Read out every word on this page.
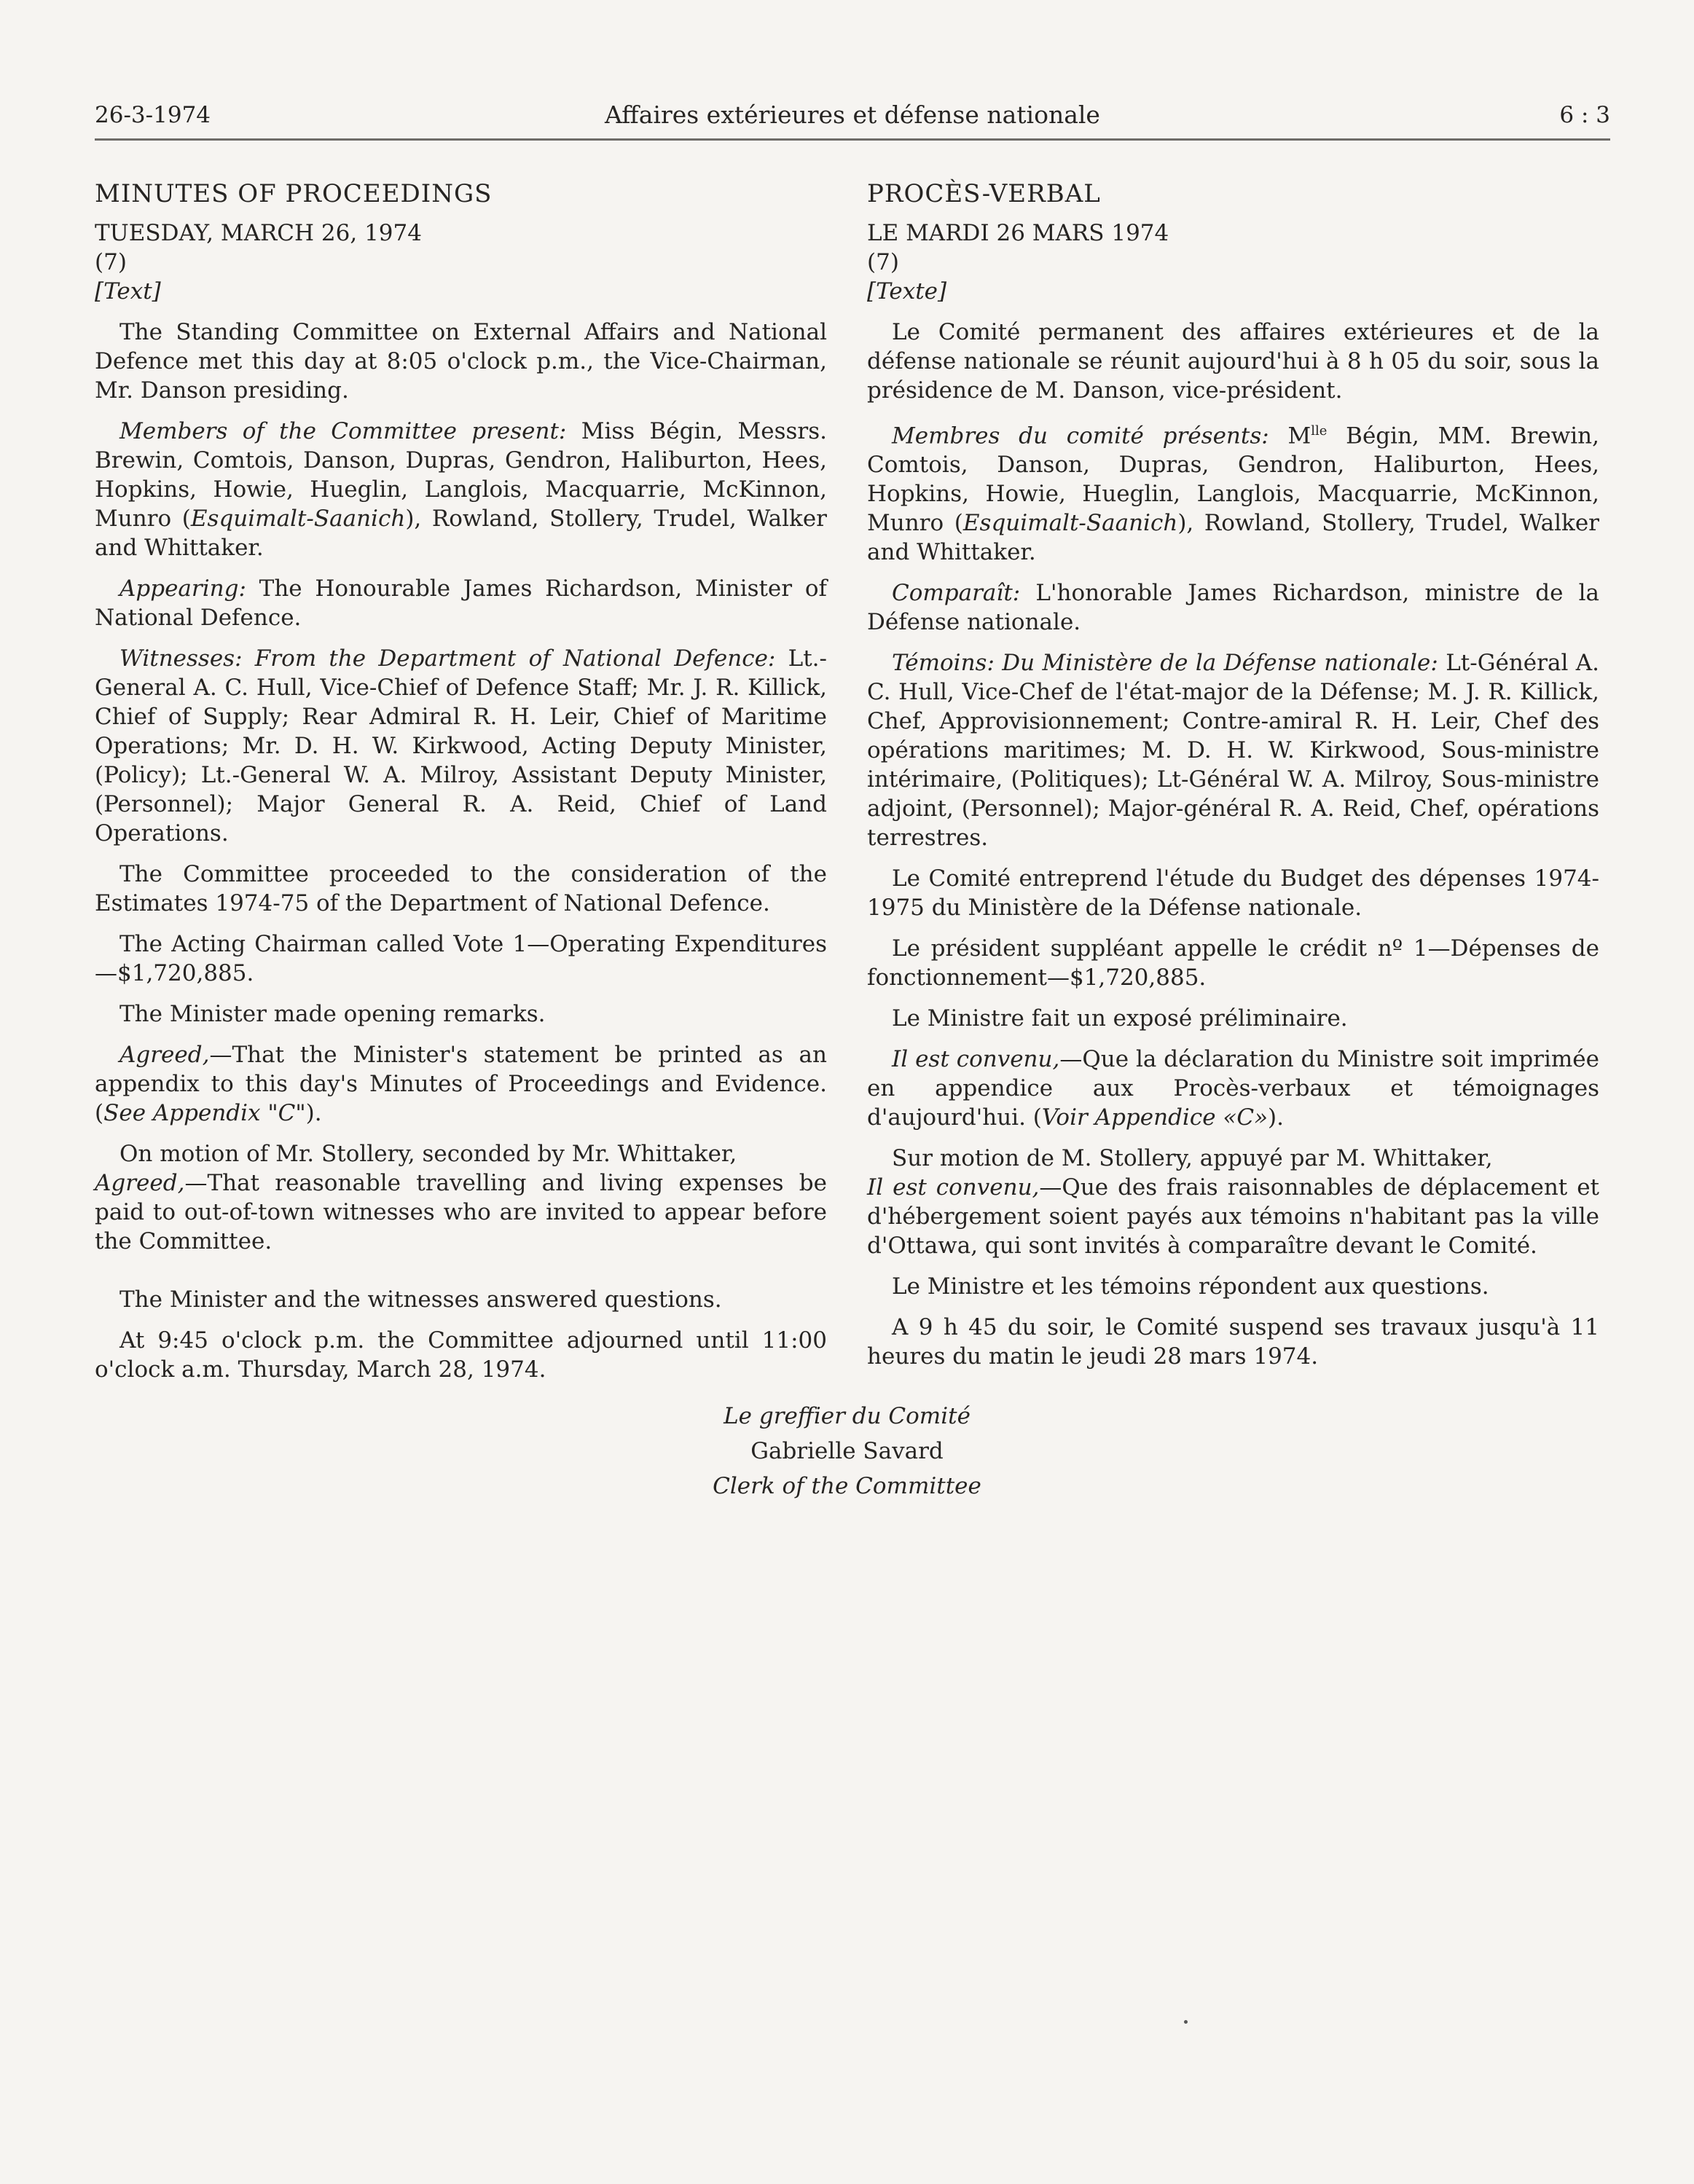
26-3-1974	Affaires extérieures et défense nationale	6 : 3
MINUTES OF PROCEEDINGS
TUESDAY, MARCH 26, 1974
(7)
[Text]

The Standing Committee on External Affairs and National Defence met this day at 8:05 o'clock p.m., the Vice-Chairman, Mr. Danson presiding.

Members of the Committee present: Miss Bégin, Messrs. Brewin, Comtois, Danson, Dupras, Gendron, Haliburton, Hees, Hopkins, Howie, Hueglin, Langlois, Macquarrie, McKinnon, Munro (Esquimalt-Saanich), Rowland, Stollery, Trudel, Walker and Whittaker.

Appearing: The Honourable James Richardson, Minister of National Defence.

Witnesses: From the Department of National Defence: Lt.-General A. C. Hull, Vice-Chief of Defence Staff; Mr. J. R. Killick, Chief of Supply; Rear Admiral R. H. Leir, Chief of Maritime Operations; Mr. D. H. W. Kirkwood, Acting Deputy Minister, (Policy); Lt.-General W. A. Milroy, Assistant Deputy Minister, (Personnel); Major General R. A. Reid, Chief of Land Operations.

The Committee proceeded to the consideration of the Estimates 1974-75 of the Department of National Defence.

The Acting Chairman called Vote 1—Operating Expenditures—$1,720,885.

The Minister made opening remarks.

Agreed,—That the Minister's statement be printed as an appendix to this day's Minutes of Proceedings and Evidence. (See Appendix "C").

On motion of Mr. Stollery, seconded by Mr. Whittaker,

Agreed,—That reasonable travelling and living expenses be paid to out-of-town witnesses who are invited to appear before the Committee.

The Minister and the witnesses answered questions.

At 9:45 o'clock p.m. the Committee adjourned until 11:00 o'clock a.m. Thursday, March 28, 1974.

PROCÈS-VERBAL
LE MARDI 26 MARS 1974
(7)
[Texte]

Le Comité permanent des affaires extérieures et de la défense nationale se réunit aujourd'hui à 8 h 05 du soir, sous la présidence de M. Danson, vice-président.

Membres du comité présents: $M^{lle}$ Bégin, MM. Brewin, Comtois, Danson, Dupras, Gendron, Haliburton, Hees, Hopkins, Howie, Hueglin, Langlois, Macquarrie, McKinnon, Munro (Esquimalt-Saanich), Rowland, Stollery, Trudel, Walker and Whittaker.

Comparaît: L'honorable James Richardson, ministre de la Défense nationale.

Témoins: Du Ministère de la Défense nationale: Lt-Général A. C. Hull, Vice-Chef de l'état-major de la Défense; M. J. R. Killick, Chef, Approvisionnement; Contre-amiral R. H. Leir, Chef des opérations maritimes; M. D. H. W. Kirkwood, Sous-ministre intérimaire, (Politiques); Lt-Général W. A. Milroy, Sous-ministre adjoint, (Personnel); Major-général R. A. Reid, Chef, opérations terrestres.

Le Comité entreprend l'étude du Budget des dépenses 1974-1975 du Ministère de la Défense nationale.

Le président suppléant appelle le crédit nº 1—Dépenses de fonctionnement—$1,720,885.

Le Ministre fait un exposé préliminaire.

Il est convenu,—Que la déclaration du Ministre soit imprimée en appendice aux Procès-verbaux et témoignages d'aujourd'hui. (Voir Appendice «C»).

Sur motion de M. Stollery, appuyé par M. Whittaker,

Il est convenu,—Que des frais raisonnables de déplacement et d'hébergement soient payés aux témoins n'habitant pas la ville d'Ottawa, qui sont invités à comparaître devant le Comité.

Le Ministre et les témoins répondent aux questions.

A 9 h 45 du soir, le Comité suspend ses travaux jusqu'à 11 heures du matin le jeudi 28 mars 1974.

Le greffier du Comité
Gabrielle Savard
Clerk of the Committee
